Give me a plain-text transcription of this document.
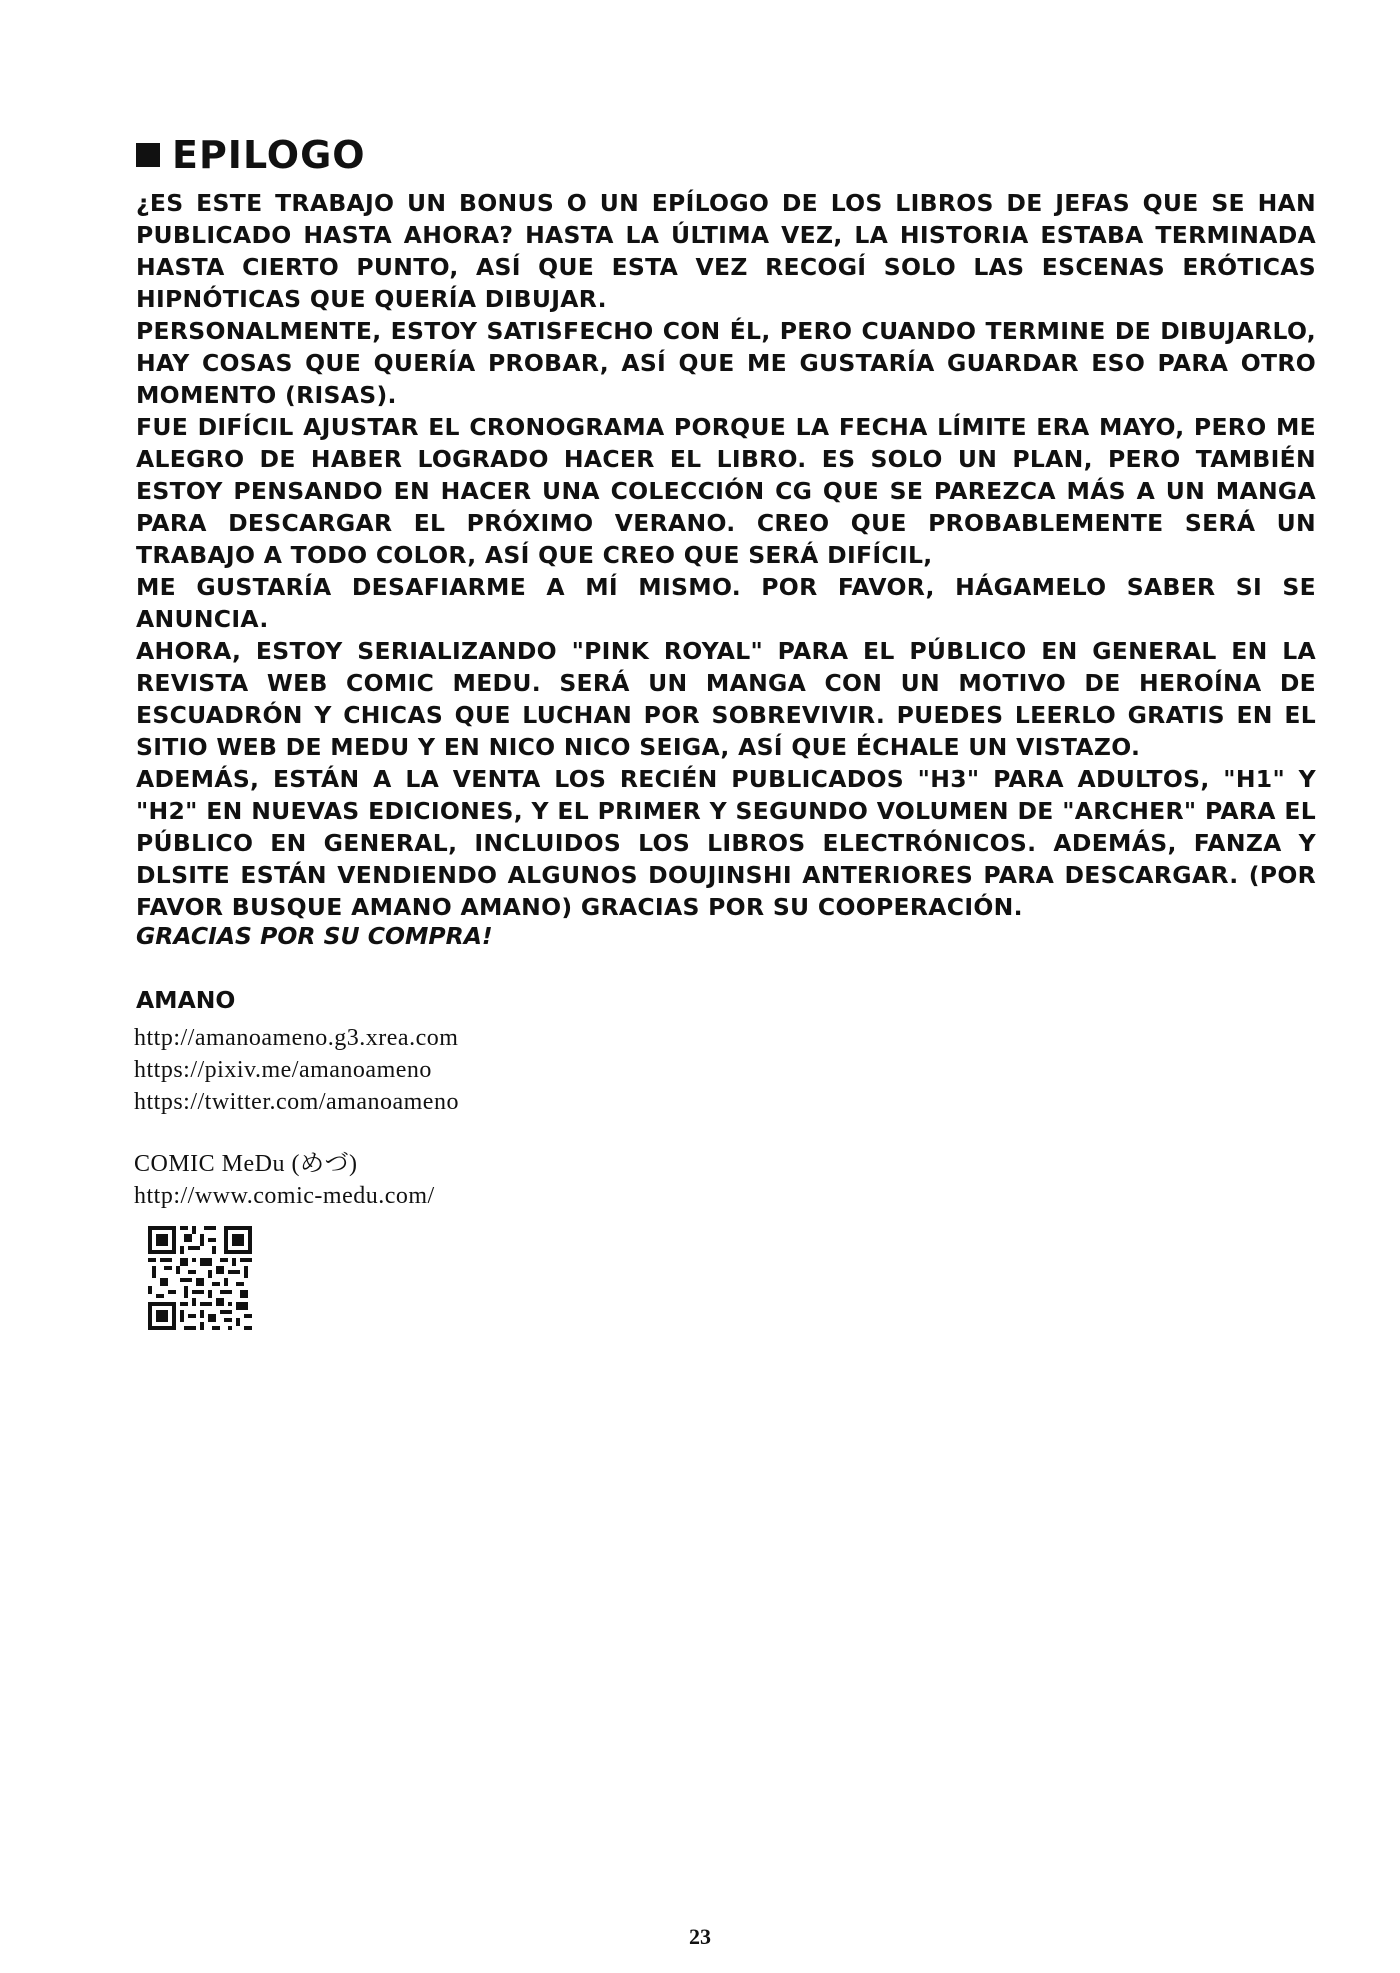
EPILOGO

¿ES ESTE TRABAJO UN BONUS O UN EPÍLOGO DE LOS LIBROS DE JEFAS QUE SE HAN PUBLICADO HASTA AHORA? HASTA LA ÚLTIMA VEZ, LA HISTORIA ESTABA TERMINADA HASTA CIERTO PUNTO, ASÍ QUE ESTA VEZ RECOGÍ SOLO LAS ESCENAS ERÓTICAS HIPNÓTICAS QUE QUERÍA DIBUJAR.

PERSONALMENTE, ESTOY SATISFECHO CON ÉL, PERO CUANDO TERMINE DE DIBUJARLO, HAY COSAS QUE QUERÍA PROBAR, ASÍ QUE ME GUSTARÍA GUARDAR ESO PARA OTRO MOMENTO (RISAS).

FUE DIFÍCIL AJUSTAR EL CRONOGRAMA PORQUE LA FECHA LÍMITE ERA MAYO, PERO ME ALEGRO DE HABER LOGRADO HACER EL LIBRO. ES SOLO UN PLAN, PERO TAMBIÉN ESTOY PENSANDO EN HACER UNA COLECCIÓN CG QUE SE PAREZCA MÁS A UN MANGA PARA DESCARGAR EL PRÓXIMO VERANO. CREO QUE PROBABLEMENTE SERÁ UN TRABAJO A TODO COLOR, ASÍ QUE CREO QUE SERÁ DIFÍCIL,

ME GUSTARÍA DESAFIARME A MÍ MISMO. POR FAVOR, HÁGAMELO SABER SI SE ANUNCIA.

AHORA, ESTOY SERIALIZANDO "PINK ROYAL" PARA EL PÚBLICO EN GENERAL EN LA REVISTA WEB COMIC MEDU. SERÁ UN MANGA CON UN MOTIVO DE HEROÍNA DE ESCUADRÓN Y CHICAS QUE LUCHAN POR SOBREVIVIR. PUEDES LEERLO GRATIS EN EL SITIO WEB DE MEDU Y EN NICO NICO SEIGA, ASÍ QUE ÉCHALE UN VISTAZO.

ADEMÁS, ESTÁN A LA VENTA LOS RECIÉN PUBLICADOS "H3" PARA ADULTOS, "H1" Y "H2" EN NUEVAS EDICIONES, Y EL PRIMER Y SEGUNDO VOLUMEN DE "ARCHER" PARA EL PÚBLICO EN GENERAL, INCLUIDOS LOS LIBROS ELECTRÓNICOS. ADEMÁS, FANZA Y DLSITE ESTÁN VENDIENDO ALGUNOS DOUJINSHI ANTERIORES PARA DESCARGAR. (POR FAVOR BUSQUE AMANO AMANO) GRACIAS POR SU COOPERACIÓN.

GRACIAS POR SU COMPRA!
AMANO
http://amanoameno.g3.xrea.com
https://pixiv.me/amanoameno
https://twitter.com/amanoameno
COMIC MeDu (めづ)
http://www.comic-medu.com/
23
